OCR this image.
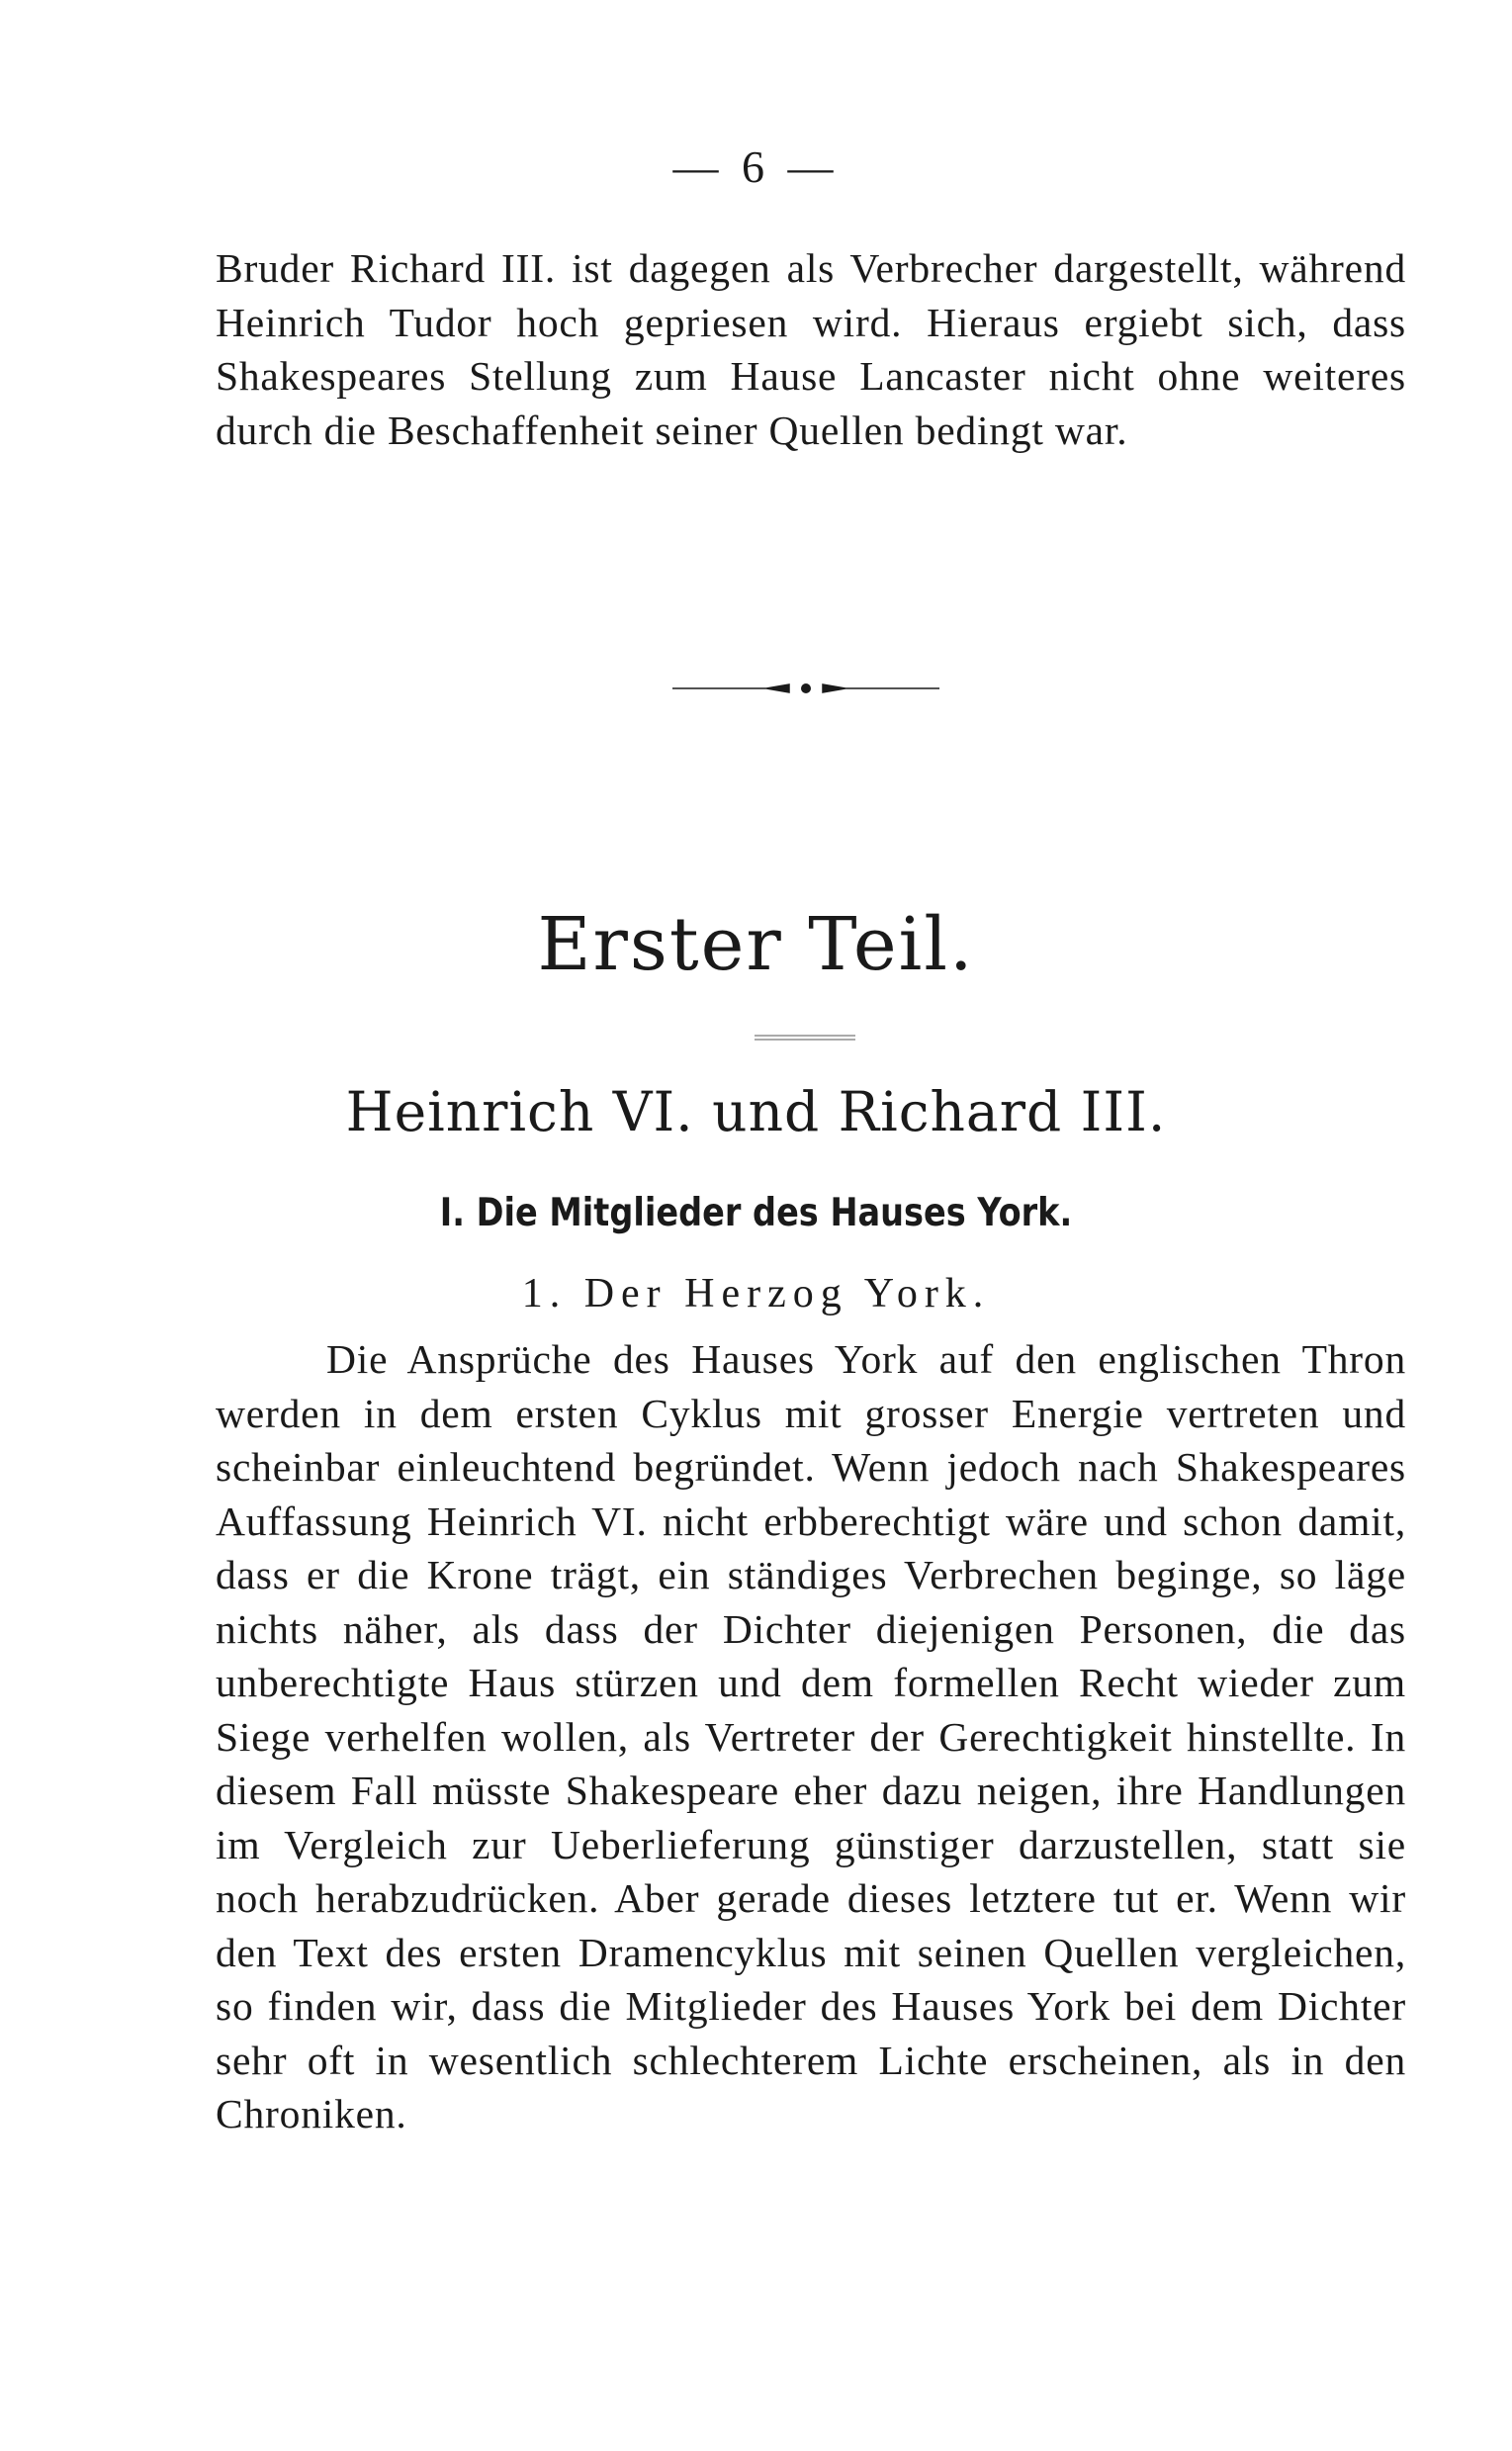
— 6 —

Bruder Richard III. ist dagegen als Verbrecher dargestellt, während Heinrich Tudor hoch gepriesen wird. Hieraus ergiebt sich, dass Shakespeares Stellung zum Hause Lancaster nicht ohne weiteres durch die Beschaffenheit seiner Quellen bedingt war.

Erster Teil.
Heinrich VI. und Richard III.
I. Die Mitglieder des Hauses York.
1. Der Herzog York.

Die Ansprüche des Hauses York auf den englischen Thron werden in dem ersten Cyklus mit grosser Energie vertreten und scheinbar einleuchtend begründet. Wenn jedoch nach Shakespeares Auffassung Heinrich VI. nicht erbberechtigt wäre und schon damit, dass er die Krone trägt, ein ständiges Verbrechen beginge, so läge nichts näher, als dass der Dichter diejenigen Personen, die das unberechtigte Haus stürzen und dem formellen Recht wieder zum Siege verhelfen wollen, als Vertreter der Gerechtigkeit hinstellte. In diesem Fall müsste Shakespeare eher dazu neigen, ihre Handlungen im Vergleich zur Ueberlieferung günstiger darzustellen, statt sie noch herabzudrücken. Aber gerade dieses letztere tut er. Wenn wir den Text des ersten Dramencyklus mit seinen Quellen vergleichen, so finden wir, dass die Mitglieder des Hauses York bei dem Dichter sehr oft in wesentlich schlechterem Lichte erscheinen, als in den Chroniken.
